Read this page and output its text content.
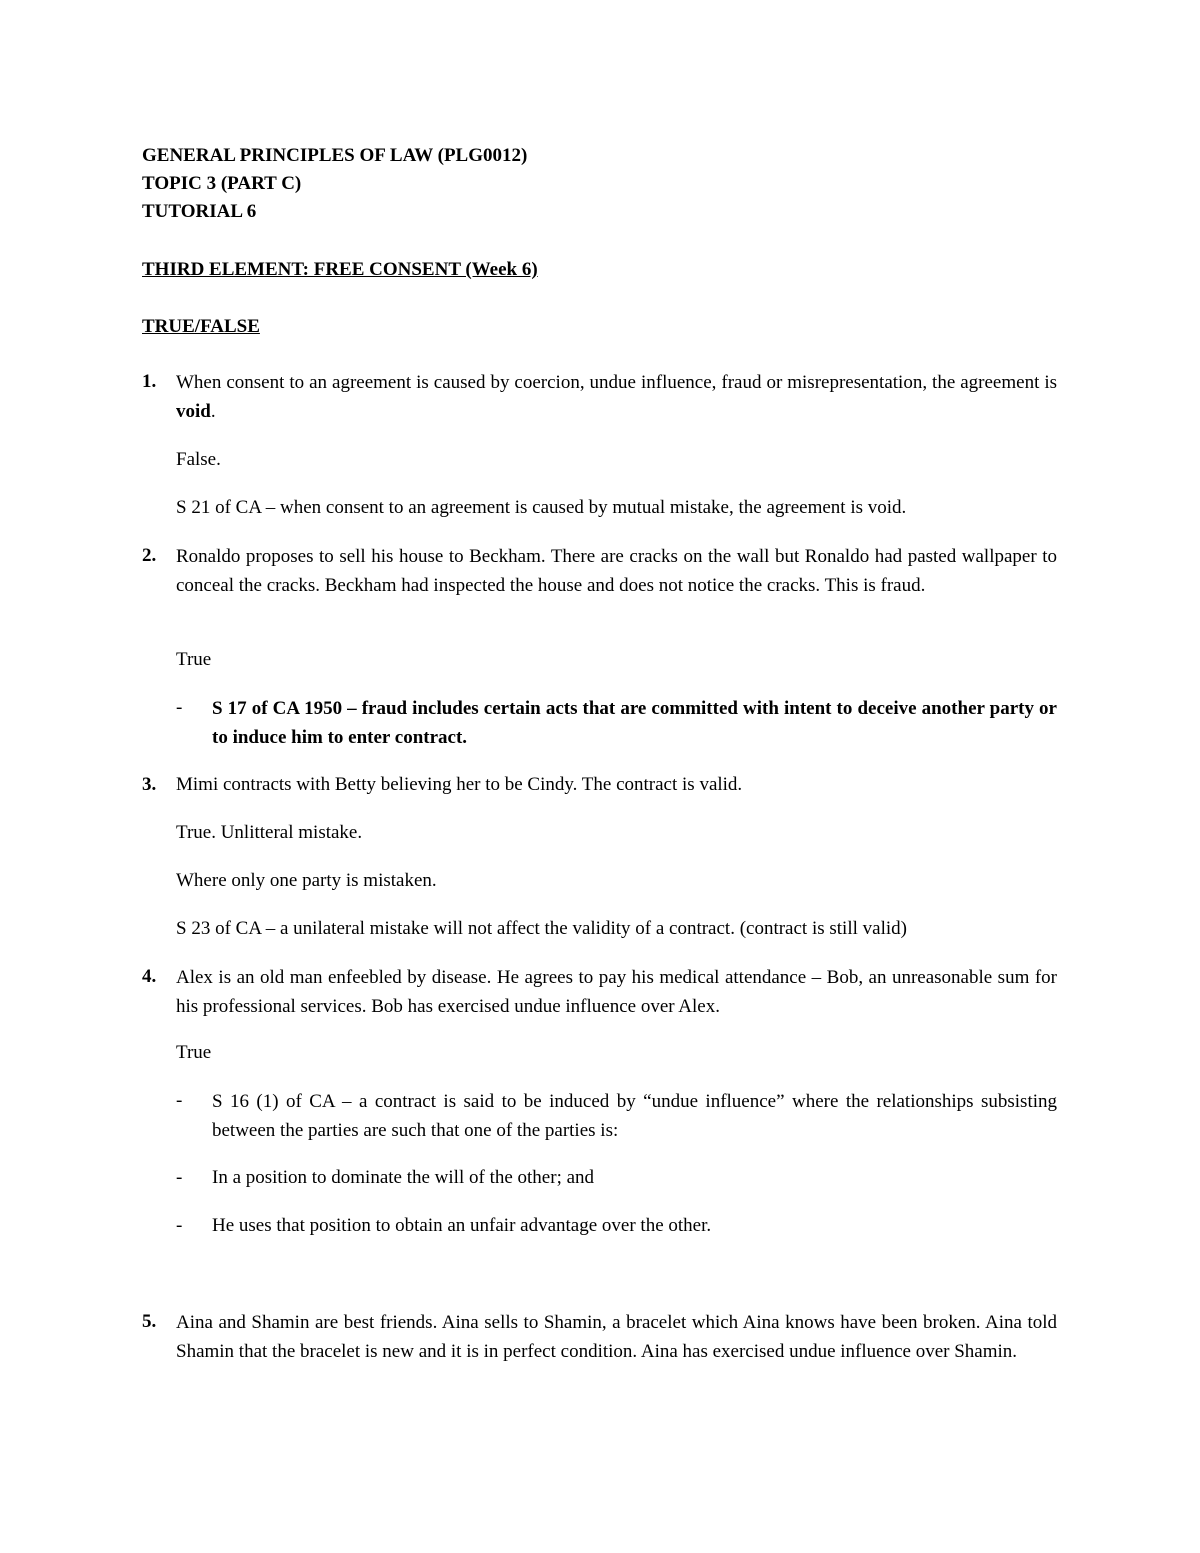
GENERAL PRINCIPLES OF LAW (PLG0012)
TOPIC 3 (PART C)
TUTORIAL 6
THIRD ELEMENT: FREE CONSENT (Week 6)
TRUE/FALSE
1. When consent to an agreement is caused by coercion, undue influence, fraud or misrepresentation, the agreement is void.
False.
S 21 of CA – when consent to an agreement is caused by mutual mistake, the agreement is void.
2. Ronaldo proposes to sell his house to Beckham. There are cracks on the wall but Ronaldo had pasted wallpaper to conceal the cracks. Beckham had inspected the house and does not notice the cracks. This is fraud.
True
- S 17 of CA 1950 – fraud includes certain acts that are committed with intent to deceive another party or to induce him to enter contract.
3. Mimi contracts with Betty believing her to be Cindy. The contract is valid.
True. Unlitteral mistake.
Where only one party is mistaken.
S 23 of CA – a unilateral mistake will not affect the validity of a contract. (contract is still valid)
4. Alex is an old man enfeebled by disease. He agrees to pay his medical attendance – Bob, an unreasonable sum for his professional services. Bob has exercised undue influence over Alex.
True
- S 16 (1) of CA – a contract is said to be induced by “undue influence” where the relationships subsisting between the parties are such that one of the parties is:
- In a position to dominate the will of the other; and
- He uses that position to obtain an unfair advantage over the other.
5. Aina and Shamin are best friends. Aina sells to Shamin, a bracelet which Aina knows have been broken. Aina told Shamin that the bracelet is new and it is in perfect condition. Aina has exercised undue influence over Shamin.
